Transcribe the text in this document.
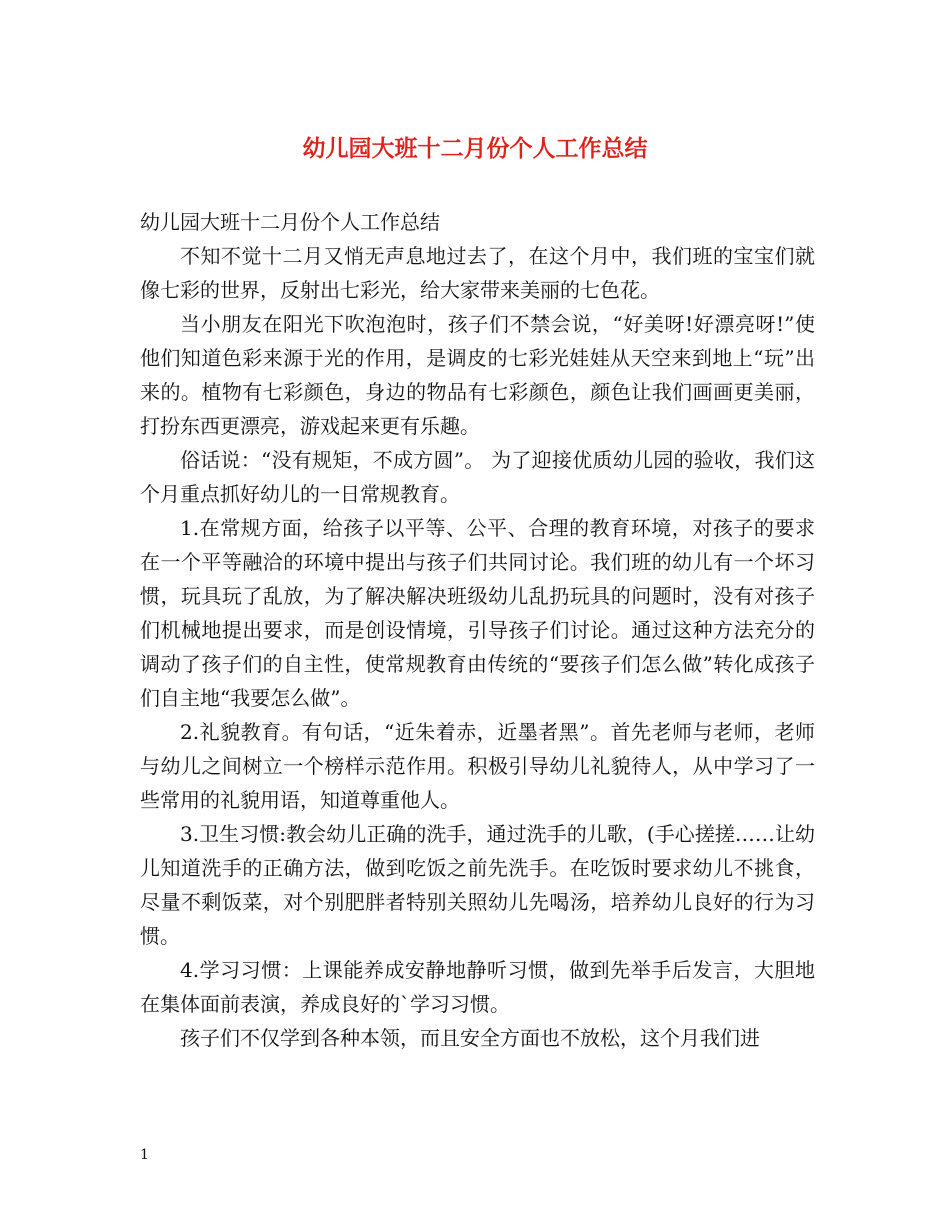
幼儿园大班十二月份个人工作总结

幼儿园大班十二月份个人工作总结

不知不觉十二月又悄无声息地过去了，在这个月中，我们班的宝宝们就像七彩的世界，反射出七彩光，给大家带来美丽的七色花。

当小朋友在阳光下吹泡泡时，孩子们不禁会说，“好美呀!好漂亮呀!”使他们知道色彩来源于光的作用，是调皮的七彩光娃娃从天空来到地上“玩”出来的。植物有七彩颜色，身边的物品有七彩颜色，颜色让我们画画更美丽，打扮东西更漂亮，游戏起来更有乐趣。

俗话说：“没有规矩，不成方圆”。 为了迎接优质幼儿园的验收，我们这个月重点抓好幼儿的一日常规教育。

1.在常规方面，给孩子以平等、公平、合理的教育环境，对孩子的要求在一个平等融洽的环境中提出与孩子们共同讨论。我们班的幼儿有一个坏习惯，玩具玩了乱放，为了解决解决班级幼儿乱扔玩具的问题时，没有对孩子们机械地提出要求，而是创设情境，引导孩子们讨论。通过这种方法充分的调动了孩子们的自主性，使常规教育由传统的“要孩子们怎么做”转化成孩子们自主地“我要怎么做”。

2.礼貌教育。有句话，“近朱着赤，近墨者黑”。首先老师与老师，老师与幼儿之间树立一个榜样示范作用。积极引导幼儿礼貌待人，从中学习了一些常用的礼貌用语，知道尊重他人。

3.卫生习惯:教会幼儿正确的洗手，通过洗手的儿歌，(手心搓搓……让幼儿知道洗手的正确方法，做到吃饭之前先洗手。在吃饭时要求幼儿不挑食，尽量不剩饭菜，对个别肥胖者特别关照幼儿先喝汤，培养幼儿良好的行为习惯。

4.学习习惯：上课能养成安静地静听习惯，做到先举手后发言，大胆地在集体面前表演，养成良好的`学习习惯。

孩子们不仅学到各种本领，而且安全方面也不放松，这个月我们进

1
